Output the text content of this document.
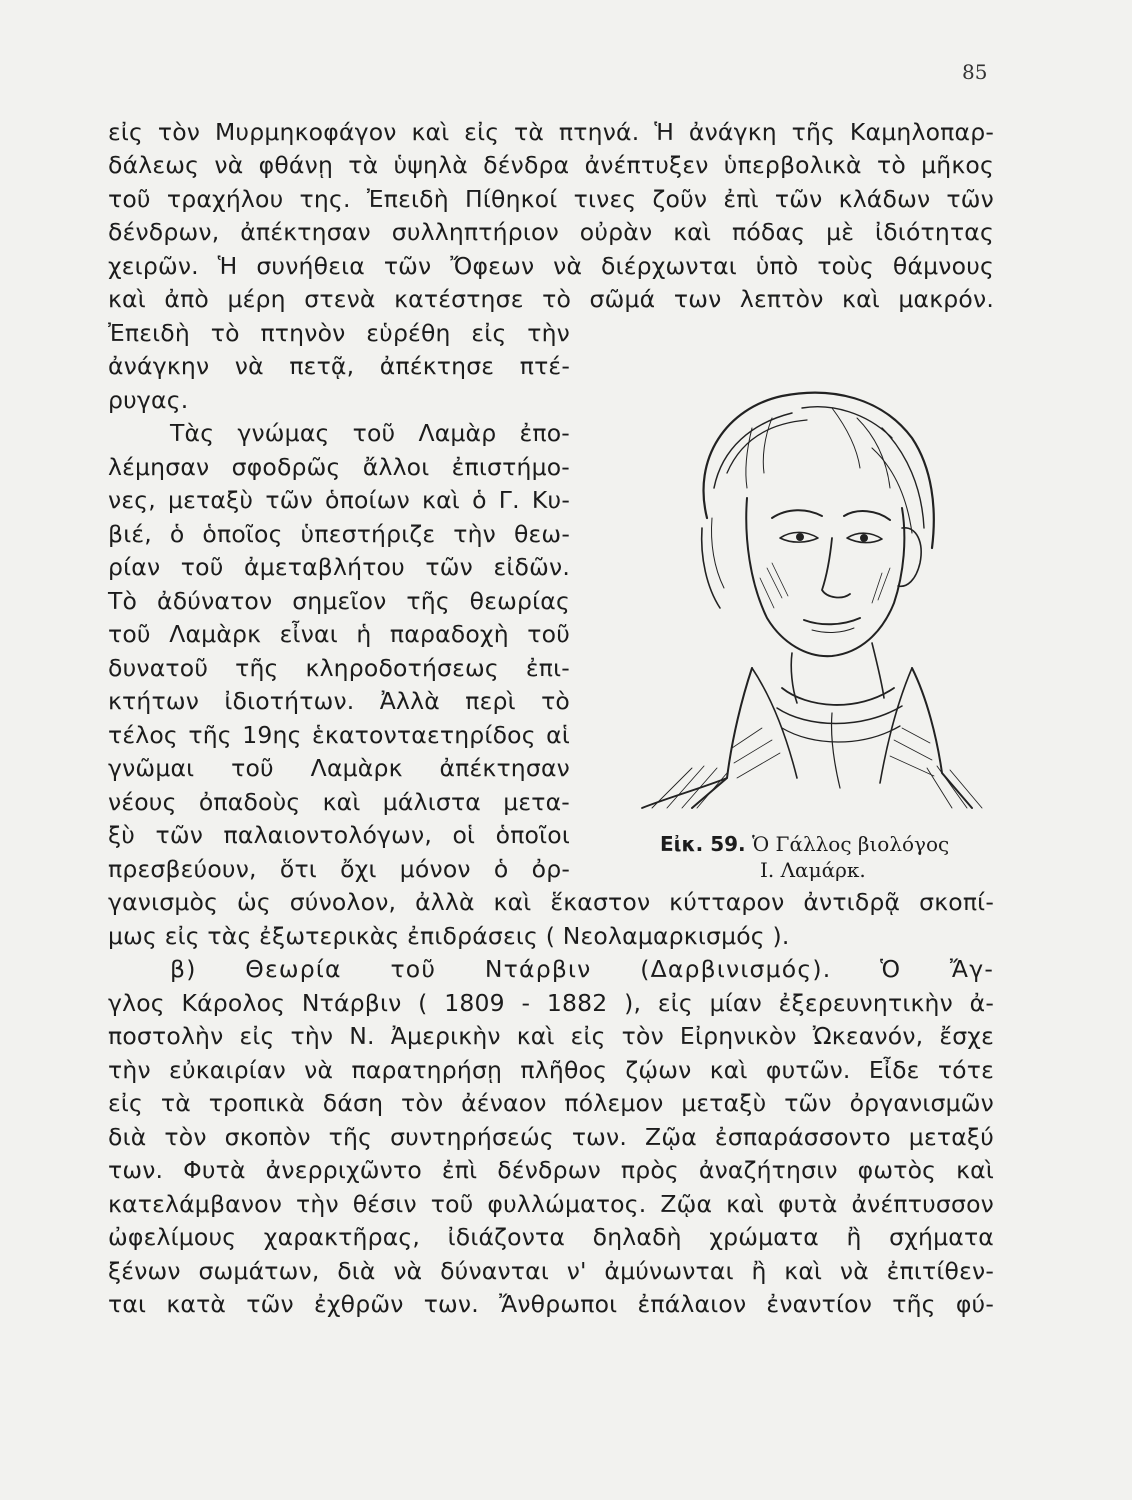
85
εἰς τὸν Μυρμηκοφάγον καὶ εἰς τὰ πτηνά. Ἡ ἀνάγκη τῆς Καμηλοπαρ-
δάλεως νὰ φθάνῃ τὰ ὑψηλὰ δένδρα ἀνέπτυξεν ὑπερβολικὰ τὸ μῆκος
τοῦ τραχήλου της. Ἐπειδὴ Πίθηκοί τινες ζοῦν ἐπὶ τῶν κλάδων τῶν
δένδρων, ἀπέκτησαν συλληπτήριον οὐρὰν καὶ πόδας μὲ ἰδιότητας
χειρῶν. Ἡ συνήθεια τῶν Ὄφεων νὰ διέρχωνται ὑπὸ τοὺς θάμνους
καὶ ἀπὸ μέρη στενὰ κατέστησε τὸ σῶμά των λεπτὸν καὶ μακρόν.
Ἐπειδὴ τὸ πτηνὸν εὑρέθη εἰς τὴν
ἀνάγκην νὰ πετᾷ, ἀπέκτησε πτέ-
ρυγας.
Τὰς γνώμας τοῦ Λαμὰρ ἐπο-
λέμησαν σφοδρῶς ἄλλοι ἐπιστήμο-
νες, μεταξὺ τῶν ὁποίων καὶ ὁ Γ. Κυ-
βιέ, ὁ ὁποῖος ὑπεστήριζε τὴν θεω-
ρίαν τοῦ ἀμεταβλήτου τῶν εἰδῶν.
Τὸ ἀδύνατον σημεῖον τῆς θεωρίας
τοῦ Λαμὰρκ εἶναι ἡ παραδοχὴ τοῦ
δυνατοῦ τῆς κληροδοτήσεως ἐπι-
κτήτων ἰδιοτήτων. Ἀλλὰ περὶ τὸ
τέλος τῆς 19ης ἑκατονταετηρίδος αἱ
γνῶμαι τοῦ Λαμὰρκ ἀπέκτησαν
νέους ὀπαδοὺς καὶ μάλιστα μετα-
ξὺ τῶν παλαιοντολόγων, οἱ ὁποῖοι
πρεσβεύουν, ὅτι ὄχι μόνον ὁ ὀρ-
γανισμὸς ὡς σύνολον, ἀλλὰ καὶ ἕκαστον κύτταρον ἀντιδρᾷ σκοπί-
μως εἰς τὰς ἐξωτερικὰς ἐπιδράσεις ( Νεολαμαρκισμός ).
β) Θεωρία τοῦ Ντάρβιν (Δαρβινισμός). Ὁ Ἄγ-
γλος Κάρολος Ντάρβιν ( 1809 - 1882 ), εἰς μίαν ἐξερευνητικὴν ἀ-
ποστολὴν εἰς τὴν Ν. Ἀμερικὴν καὶ εἰς τὸν Εἰρηνικὸν Ὠκεανόν, ἔσχε
τὴν εὐκαιρίαν νὰ παρατηρήσῃ πλῆθος ζῴων καὶ φυτῶν. Εἶδε τότε
εἰς τὰ τροπικὰ δάση τὸν ἀέναον πόλεμον μεταξὺ τῶν ὀργανισμῶν
διὰ τὸν σκοπὸν τῆς συντηρήσεώς των. Ζῷα ἐσπαράσσοντο μεταξύ
των. Φυτὰ ἀνερριχῶντο ἐπὶ δένδρων πρὸς ἀναζήτησιν φωτὸς καὶ
κατελάμβανον τὴν θέσιν τοῦ φυλλώματος. Ζῷα καὶ φυτὰ ἀνέπτυσσον
ὠφελίμους χαρακτῆρας, ἰδιάζοντα δηλαδὴ χρώματα ἢ σχήματα
ξένων σωμάτων, διὰ νὰ δύνανται ν' ἀμύνωνται ἢ καὶ νὰ ἐπιτίθεν-
ται κατὰ τῶν ἐχθρῶν των. Ἄνθρωποι ἐπάλαιον ἐναντίον τῆς φύ-
Εἰκ. 59. Ὁ Γάλλος βιολόγος
Ι. Λαμάρκ.
